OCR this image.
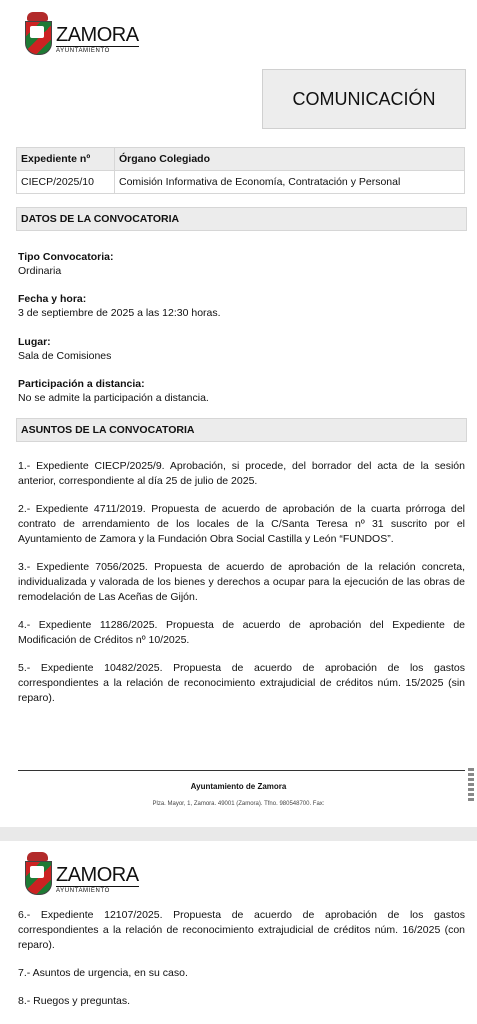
ZAMORA
AYUNTAMIENTO
COMUNICACIÓN
Expediente nº	Órgano Colegiado
CIECP/2025/10	Comisión Informativa de Economía, Contratación y Personal
DATOS DE LA CONVOCATORIA
Tipo Convocatoria:
Ordinaria
Fecha y hora:
3 de septiembre de 2025 a las 12:30 horas.
Lugar:
Sala de Comisiones
Participación a distancia:
No se admite la participación a distancia.
ASUNTOS DE LA CONVOCATORIA

1.- Expediente CIECP/2025/9. Aprobación, si procede, del borrador del acta de la sesión anterior, correspondiente al día 25 de julio de 2025.

2.- Expediente 4711/2019. Propuesta de acuerdo de aprobación de la cuarta prórroga del contrato de arrendamiento de los locales de la C/Santa Teresa nº 31 suscrito por el Ayuntamiento de Zamora y la Fundación Obra Social Castilla y León “FUNDOS”.

3.- Expediente 7056/2025. Propuesta de acuerdo de aprobación de la relación concreta, individualizada y valorada de los bienes y derechos a ocupar para la ejecución de las obras de remodelación de Las Aceñas de Gijón.

4.- Expediente 11286/2025. Propuesta de acuerdo de aprobación del Expediente de Modificación de Créditos nº 10/2025.

5.- Expediente 10482/2025. Propuesta de acuerdo de aprobación de los gastos correspondientes a la relación de reconocimiento extrajudicial de créditos núm. 15/2025 (sin reparo).

Ayuntamiento de Zamora
Plza. Mayor, 1, Zamora. 49001 (Zamora). Tfno. 980548700. Fax:
ZAMORA
AYUNTAMIENTO

6.- Expediente 12107/2025. Propuesta de acuerdo de aprobación de los gastos correspondientes a la relación de reconocimiento extrajudicial de créditos núm. 16/2025 (con reparo).

7.- Asuntos de urgencia, en su caso.

8.- Ruegos y preguntas.
